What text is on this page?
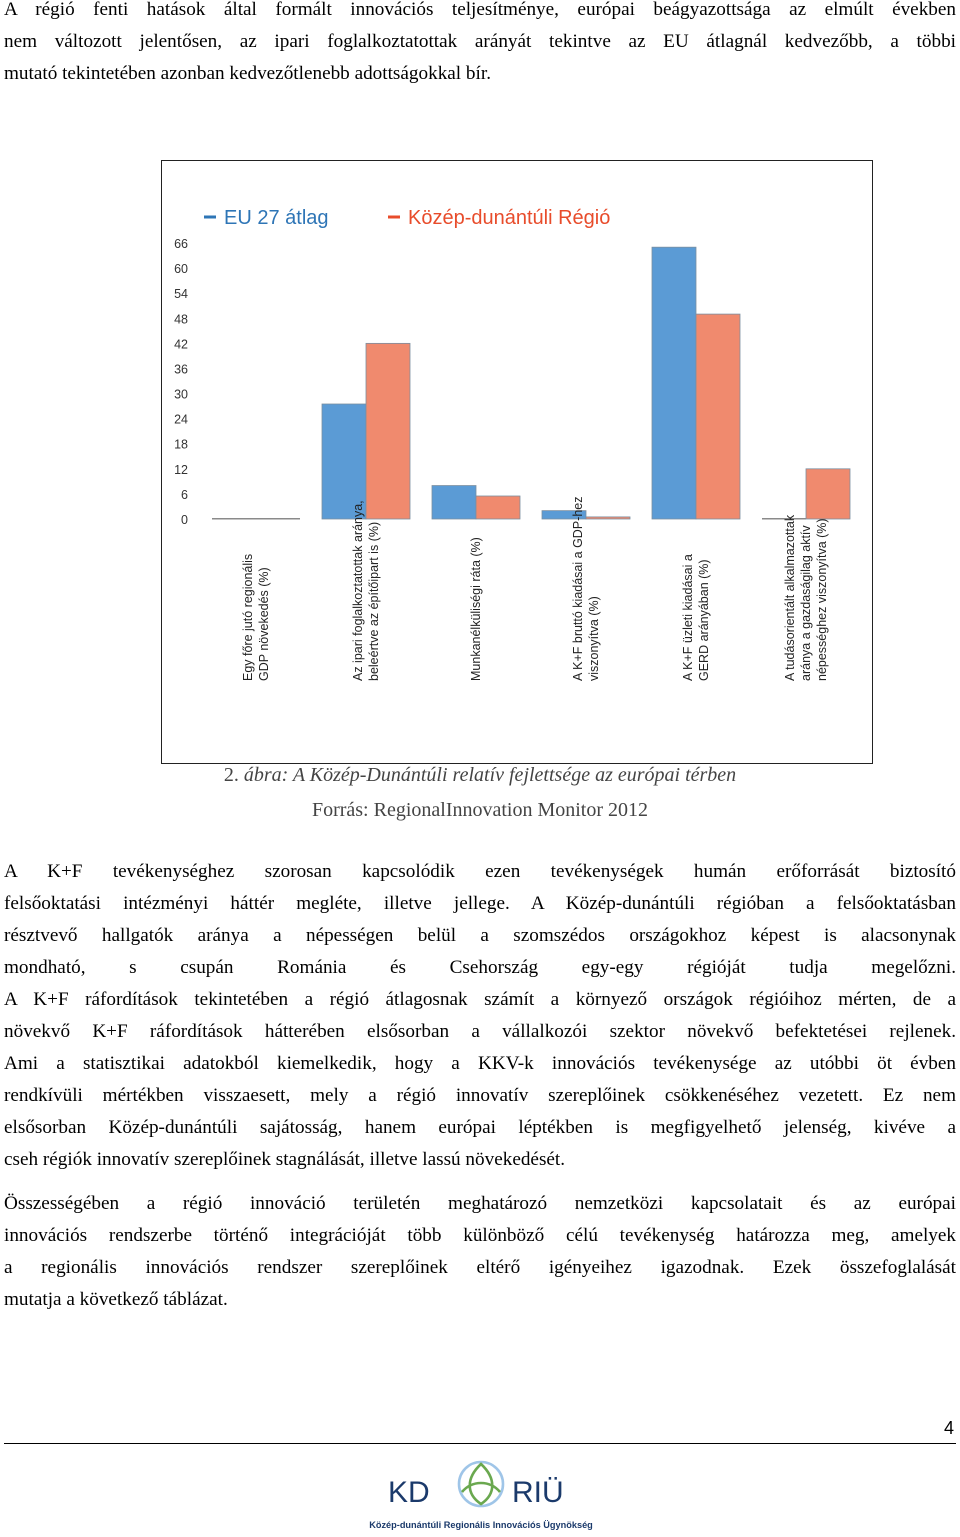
A régió fenti hatások által formált innovációs teljesítménye, európai beágyazottsága az elmúlt években
nem változott jelentősen, az ipari foglalkoztatottak arányát tekintve az EU átlagnál kedvezőbb, a többi
mutató tekintetében azonban kedvezőtlenebb adottságokkal bír.
EU 27 átlag	Közép-dunántúli Régió
66
60
54
48
42
36
30
24
18
12
6
0
Egy főre jutó regionális GDP növekedés (%)	Az ipari foglalkoztatottak aránya, beleértve az építőipart is (%)	Munkanélküliségi ráta (%)	A K+F bruttó kiadásai a GDP-hez viszonyítva (%)	A K+F üzleti kiadásai a GERD arányában (%)	A tudásorientált alkalmazottak aránya a gazdaságilag aktív népességhez viszonyítva (%)
2. ábra: A Közép-Dunántúli relatív fejlettsége az európai térben
Forrás: RegionalInnovation Monitor 2012
A K+F tevékenységhez szorosan kapcsolódik ezen tevékenységek humán erőforrását biztosító
felsőoktatási intézményi háttér megléte, illetve jellege. A Közép-dunántúli régióban a felsőoktatásban
résztvevő hallgatók aránya a népességen belül a szomszédos országokhoz képest is alacsonynak
mondható, s csupán Románia és Csehország egy-egy régióját tudja megelőzni.
A K+F ráfordítások tekintetében a régió átlagosnak számít a környező országok régióihoz mérten, de a
növekvő K+F ráfordítások hátterében elsősorban a vállalkozói szektor növekvő befektetései rejlenek.
Ami a statisztikai adatokból kiemelkedik, hogy a KKV-k innovációs tevékenysége az utóbbi öt évben
rendkívüli mértékben visszaesett, mely a régió innovatív szereplőinek csökkenéséhez vezetett. Ez nem
elsősorban Közép-dunántúli sajátosság, hanem európai léptékben is megfigyelhető jelenség, kivéve a
cseh régiók innovatív szereplőinek stagnálását, illetve lassú növekedését.
Összességében a régió innováció területén meghatározó nemzetközi kapcsolatait és az európai
innovációs rendszerbe történő integrációját több különböző célú tevékenység határozza meg, amelyek
a regionális innovációs rendszer szereplőinek eltérő igényeihez igazodnak. Ezek összefoglalását
mutatja a következő táblázat.
4
KD	RIÜ
Közép-dunántúli Regionális Innovációs Ügynökség
